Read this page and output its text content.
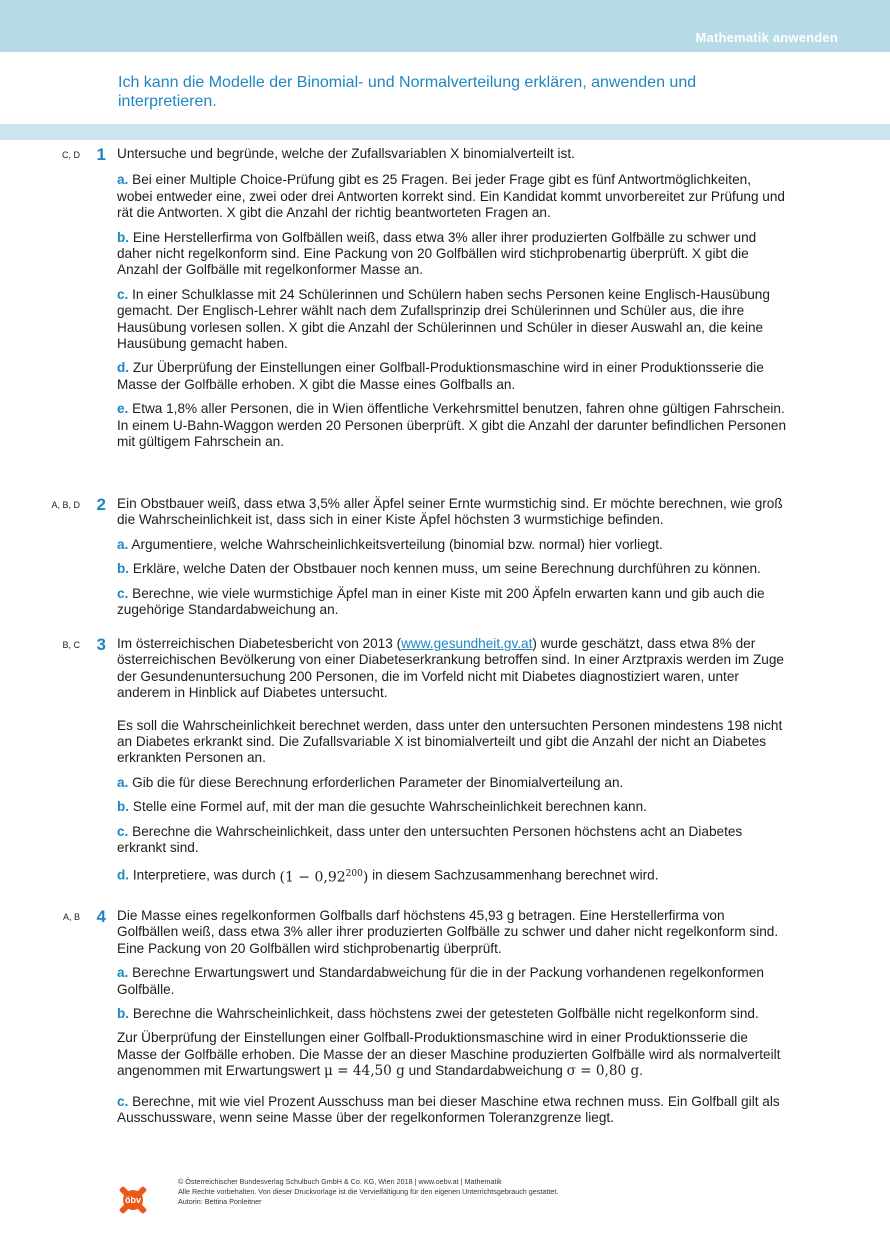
Mathematik anwenden
Ich kann die Modelle der Binomial- und Normalverteilung erklären, anwenden und interpretieren.
C, D 1 Untersuche und begründe, welche der Zufallsvariablen X binomialverteilt ist.

a. Bei einer Multiple Choice-Prüfung gibt es 25 Fragen. Bei jeder Frage gibt es fünf Antwortmöglichkeiten, wobei entweder eine, zwei oder drei Antworten korrekt sind. Ein Kandidat kommt unvorbereitet zur Prüfung und rät die Antworten. X gibt die Anzahl der richtig beantworteten Fragen an.

b. Eine Herstellerfirma von Golfbällen weiß, dass etwa 3% aller ihrer produzierten Golfbälle zu schwer und daher nicht regelkonform sind. Eine Packung von 20 Golfbällen wird stichprobenartig überprüft. X gibt die Anzahl der Golfbälle mit regelkonformer Masse an.

c. In einer Schulklasse mit 24 Schülerinnen und Schülern haben sechs Personen keine Englisch-Hausübung gemacht. Der Englisch-Lehrer wählt nach dem Zufallsprinzip drei Schülerinnen und Schüler aus, die ihre Hausübung vorlesen sollen. X gibt die Anzahl der Schülerinnen und Schüler in dieser Auswahl an, die keine Hausübung gemacht haben.

d. Zur Überprüfung der Einstellungen einer Golfball-Produktionsmaschine wird in einer Produktionsserie die Masse der Golfbälle erhoben. X gibt die Masse eines Golfballs an.

e. Etwa 1,8% aller Personen, die in Wien öffentliche Verkehrsmittel benutzen, fahren ohne gültigen Fahrschein. In einem U-Bahn-Waggon werden 20 Personen überprüft. X gibt die Anzahl der darunter befindlichen Personen mit gültigem Fahrschein an.

A, B, D 2 Ein Obstbauer weiß, dass etwa 3,5% aller Äpfel seiner Ernte wurmstichig sind. Er möchte berechnen, wie groß die Wahrscheinlichkeit ist, dass sich in einer Kiste Äpfel höchsten 3 wurmstichige befinden.

a. Argumentiere, welche Wahrscheinlichkeitsverteilung (binomial bzw. normal) hier vorliegt.

b. Erkläre, welche Daten der Obstbauer noch kennen muss, um seine Berechnung durchführen zu können.

c. Berechne, wie viele wurmstichige Äpfel man in einer Kiste mit 200 Äpfeln erwarten kann und gib auch die zugehörige Standardabweichung an.

B, C 3 Im österreichischen Diabetesbericht von 2013 (www.gesundheit.gv.at) wurde geschätzt, dass etwa 8% der österreichischen Bevölkerung von einer Diabeteserkrankung betroffen sind. In einer Arztpraxis werden im Zuge der Gesundenuntersuchung 200 Personen, die im Vorfeld nicht mit Diabetes diagnostiziert waren, unter anderem in Hinblick auf Diabetes untersucht.

Es soll die Wahrscheinlichkeit berechnet werden, dass unter den untersuchten Personen mindestens 198 nicht an Diabetes erkrankt sind. Die Zufallsvariable X ist binomialverteilt und gibt die Anzahl der nicht an Diabetes erkrankten Personen an.

a. Gib die für diese Berechnung erforderlichen Parameter der Binomialverteilung an.

b. Stelle eine Formel auf, mit der man die gesuchte Wahrscheinlichkeit berechnen kann.

c. Berechne die Wahrscheinlichkeit, dass unter den untersuchten Personen höchstens acht an Diabetes erkrankt sind.

d. Interpretiere, was durch $(1 - 0,92^{200})$ in diesem Sachzusammenhang berechnet wird.

A, B 4 Die Masse eines regelkonformen Golfballs darf höchstens 45,93 g betragen. Eine Herstellerfirma von Golfbällen weiß, dass etwa 3% aller ihrer produzierten Golfbälle zu schwer und daher nicht regelkonform sind. Eine Packung von 20 Golfbällen wird stichprobenartig überprüft.

a. Berechne Erwartungswert und Standardabweichung für die in der Packung vorhandenen regelkonformen Golfbälle.

b. Berechne die Wahrscheinlichkeit, dass höchstens zwei der getesteten Golfbälle nicht regelkonform sind.

Zur Überprüfung der Einstellungen einer Golfball-Produktionsmaschine wird in einer Produktionsserie die Masse der Golfbälle erhoben. Die Masse der an dieser Maschine produzierten Golfbälle wird als normalverteilt angenommen mit Erwartungswert μ = 44,50 g und Standardabweichung σ = 0,80 g.

c. Berechne, mit wie viel Prozent Ausschuss man bei dieser Maschine etwa rechnen muss. Ein Golfball gilt als Ausschussware, wenn seine Masse über der regelkonformen Toleranzgrenze liegt.

öbv
© Österreichischer Bundesverlag Schulbuch GmbH & Co. KG, Wien 2018 | www.oebv.at | Mathematik
Alle Rechte vorbehalten. Von dieser Druckvorlage ist die Vervielfältigung für den eigenen Unterrichtsgebrauch gestattet.
Autorin: Bettina Ponleitner
